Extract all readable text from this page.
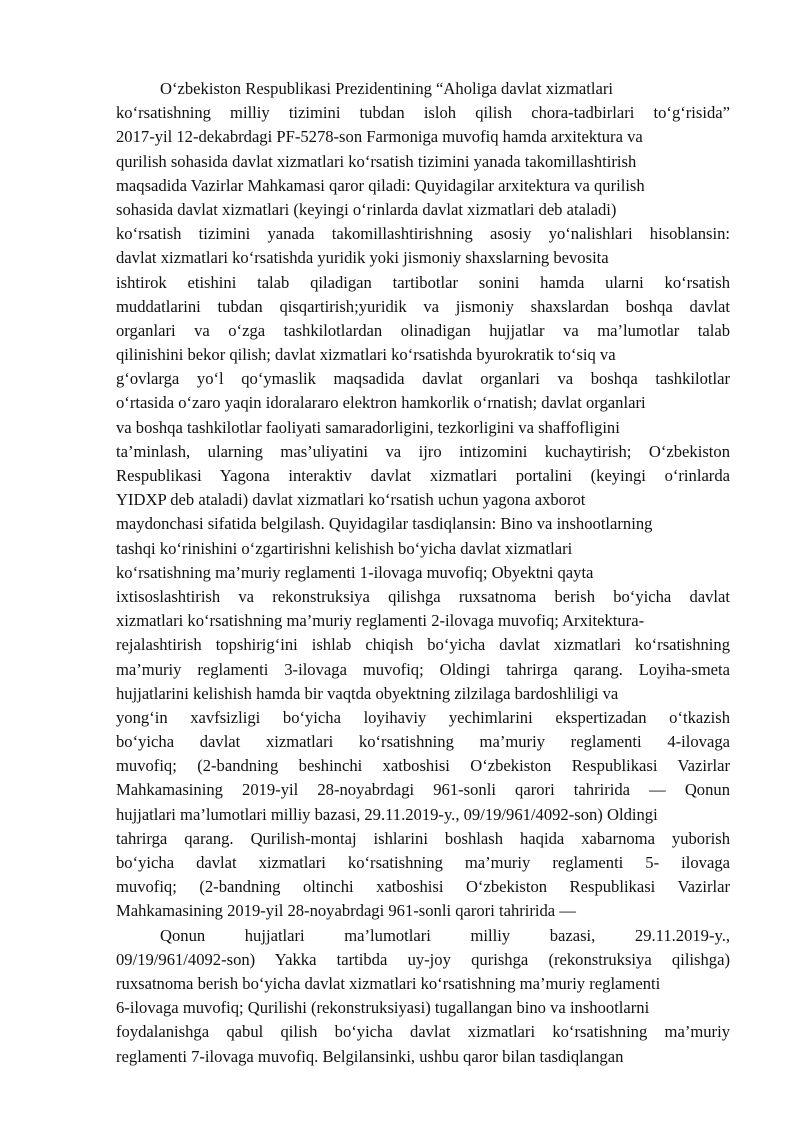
O‘zbekiston Respublikasi Prezidentining “Aholiga davlat xizmatlari
ko‘rsatishning milliy tizimini tubdan isloh qilish chora-tadbirlari to‘g‘risida”
2017-yil 12-dekabrdagi PF-5278-son Farmoniga muvofiq hamda arxitektura va
qurilish sohasida davlat xizmatlari ko‘rsatish tizimini yanada takomillashtirish
maqsadida Vazirlar Mahkamasi qaror qiladi: Quyidagilar arxitektura va qurilish
sohasida davlat xizmatlari (keyingi o‘rinlarda davlat xizmatlari deb ataladi)
ko‘rsatish tizimini yanada takomillashtirishning asosiy yo‘nalishlari hisoblansin:
davlat xizmatlari ko‘rsatishda yuridik yoki jismoniy shaxslarning bevosita
ishtirok etishini talab qiladigan tartibotlar sonini hamda ularni ko‘rsatish
muddatlarini tubdan qisqartirish;yuridik va jismoniy shaxslardan boshqa davlat
organlari va o‘zga tashkilotlardan olinadigan hujjatlar va ma’lumotlar talab
qilinishini bekor qilish; davlat xizmatlari ko‘rsatishda byurokratik to‘siq va
g‘ovlarga yo‘l qo‘ymaslik maqsadida davlat organlari va boshqa tashkilotlar
o‘rtasida o‘zaro yaqin idoralararo elektron hamkorlik o‘rnatish; davlat organlari
va boshqa tashkilotlar faoliyati samaradorligini, tezkorligini va shaffofligini
ta’minlash, ularning mas’uliyatini va ijro intizomini kuchaytirish; O‘zbekiston
Respublikasi Yagona interaktiv davlat xizmatlari portalini (keyingi o‘rinlarda
YIDXP deb ataladi) davlat xizmatlari ko‘rsatish uchun yagona axborot
maydonchasi sifatida belgilash. Quyidagilar tasdiqlansin: Bino va inshootlarning
tashqi ko‘rinishini o‘zgartirishni kelishish bo‘yicha davlat xizmatlari
ko‘rsatishning ma’muriy reglamenti 1-ilovaga muvofiq; Obyektni qayta
ixtisoslashtirish va rekonstruksiya qilishga ruxsatnoma berish bo‘yicha davlat
xizmatlari ko‘rsatishning ma’muriy reglamenti 2-ilovaga muvofiq; Arxitektura-
rejalashtirish topshirig‘ini ishlab chiqish bo‘yicha davlat xizmatlari ko‘rsatishning
ma’muriy reglamenti 3-ilovaga muvofiq; Oldingi tahrirga qarang. Loyiha-smeta
hujjatlarini kelishish hamda bir vaqtda obyektning zilzilaga bardoshliligi va
yong‘in xavfsizligi bo‘yicha loyihaviy yechimlarini ekspertizadan o‘tkazish
bo‘yicha davlat xizmatlari ko‘rsatishning ma’muriy reglamenti 4-ilovaga
muvofiq; (2-bandning beshinchi xatboshisi O‘zbekiston Respublikasi Vazirlar
Mahkamasining 2019-yil 28-noyabrdagi 961-sonli qarori tahririda — Qonun
hujjatlari ma’lumotlari milliy bazasi, 29.11.2019-y., 09/19/961/4092-son) Oldingi
tahrirga qarang. Qurilish-montaj ishlarini boshlash haqida xabarnoma yuborish
bo‘yicha davlat xizmatlari ko‘rsatishning ma’muriy reglamenti 5- ilovaga
muvofiq; (2-bandning oltinchi xatboshisi O‘zbekiston Respublikasi Vazirlar
Mahkamasining 2019-yil 28-noyabrdagi 961-sonli qarori tahririda —
Qonun hujjatlari ma’lumotlari milliy bazasi, 29.11.2019-y.,
09/19/961/4092-son) Yakka tartibda uy-joy qurishga (rekonstruksiya qilishga)
ruxsatnoma berish bo‘yicha davlat xizmatlari ko‘rsatishning ma’muriy reglamenti
6-ilovaga muvofiq; Qurilishi (rekonstruksiyasi) tugallangan bino va inshootlarni
foydalanishga qabul qilish bo‘yicha davlat xizmatlari ko‘rsatishning ma’muriy
reglamenti 7-ilovaga muvofiq. Belgilansinki, ushbu qaror bilan tasdiqlangan
